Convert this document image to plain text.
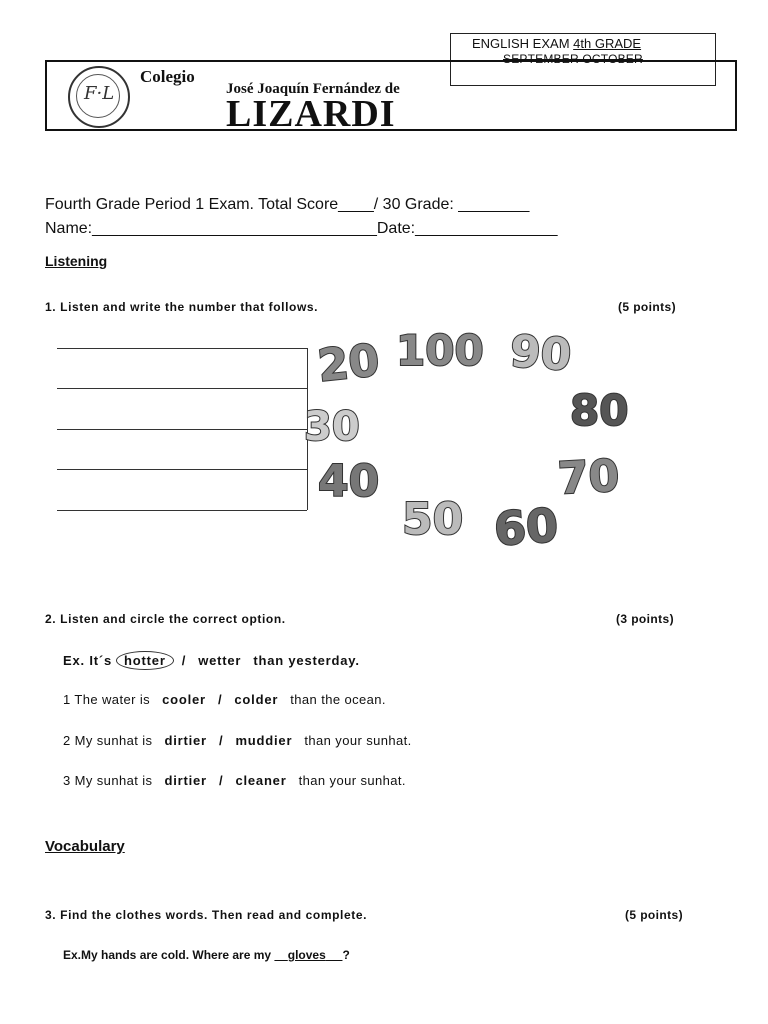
ENGLISH EXAM 4th GRADE
SEPTEMBER OCTOBER
F·L
Colegio
José Joaquín Fernández de
LIZARDI
Fourth Grade Period 1 Exam. Total Score____/ 30 Grade: ________
Name:________________________________Date:________________
Listening
1. Listen and write the number that follows.	(5 points)
20 100 90
80
30
40	70
50 60
2. Listen and circle the correct option.	(3 points)
Ex. It´s hotter / wetter than yesterday.
1 The water is cooler / colder than the ocean.
2 My sunhat is dirtier / muddier than your sunhat.
3 My sunhat is dirtier / cleaner than your sunhat.
Vocabulary
3. Find the clothes words. Then read and complete.	(5 points)
Ex.My hands are cold. Where are my gloves ?
